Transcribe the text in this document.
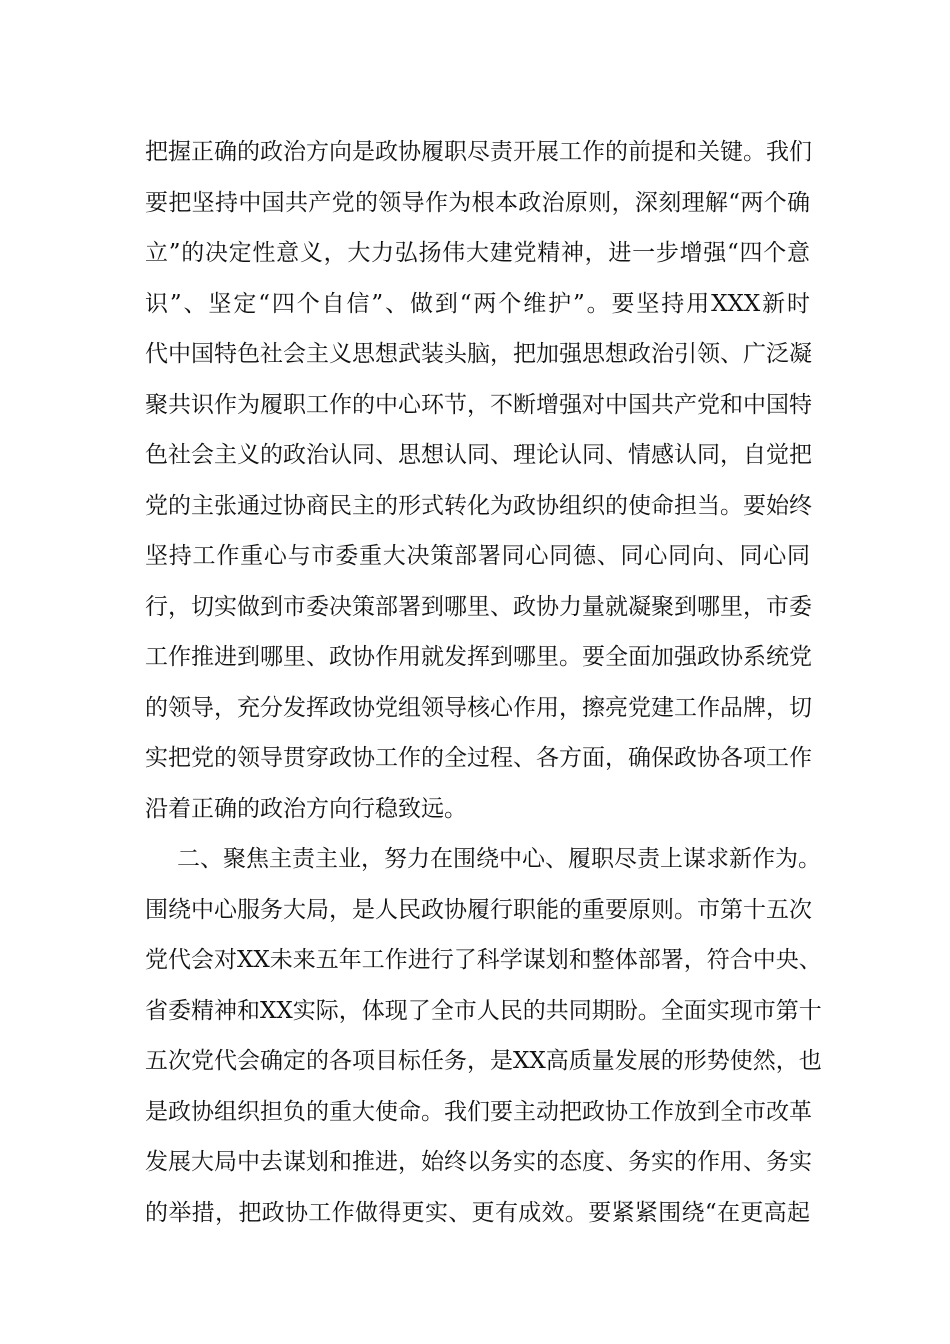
把握正确的政治方向是政协履职尽责开展工作的前提和关键。我们
要把坚持中国共产党的领导作为根本政治原则，深刻理解“两个确
立”的决定性意义，大力弘扬伟大建党精神，进一步增强“四个意
识”、坚定“四个自信”、做到“两个维护”。要坚持用XXX新时
代中国特色社会主义思想武装头脑，把加强思想政治引领、广泛凝
聚共识作为履职工作的中心环节，不断增强对中国共产党和中国特
色社会主义的政治认同、思想认同、理论认同、情感认同，自觉把
党的主张通过协商民主的形式转化为政协组织的使命担当。要始终
坚持工作重心与市委重大决策部署同心同德、同心同向、同心同
行，切实做到市委决策部署到哪里、政协力量就凝聚到哪里，市委
工作推进到哪里、政协作用就发挥到哪里。要全面加强政协系统党
的领导，充分发挥政协党组领导核心作用，擦亮党建工作品牌，切
实把党的领导贯穿政协工作的全过程、各方面，确保政协各项工作
沿着正确的政治方向行稳致远。
二、聚焦主责主业，努力在围绕中心、履职尽责上谋求新作为。
围绕中心服务大局，是人民政协履行职能的重要原则。市第十五次
党代会对XX未来五年工作进行了科学谋划和整体部署，符合中央、
省委精神和XX实际，体现了全市人民的共同期盼。全面实现市第十
五次党代会确定的各项目标任务，是XX高质量发展的形势使然，也
是政协组织担负的重大使命。我们要主动把政协工作放到全市改革
发展大局中去谋划和推进，始终以务实的态度、务实的作用、务实
的举措，把政协工作做得更实、更有成效。要紧紧围绕“在更高起
